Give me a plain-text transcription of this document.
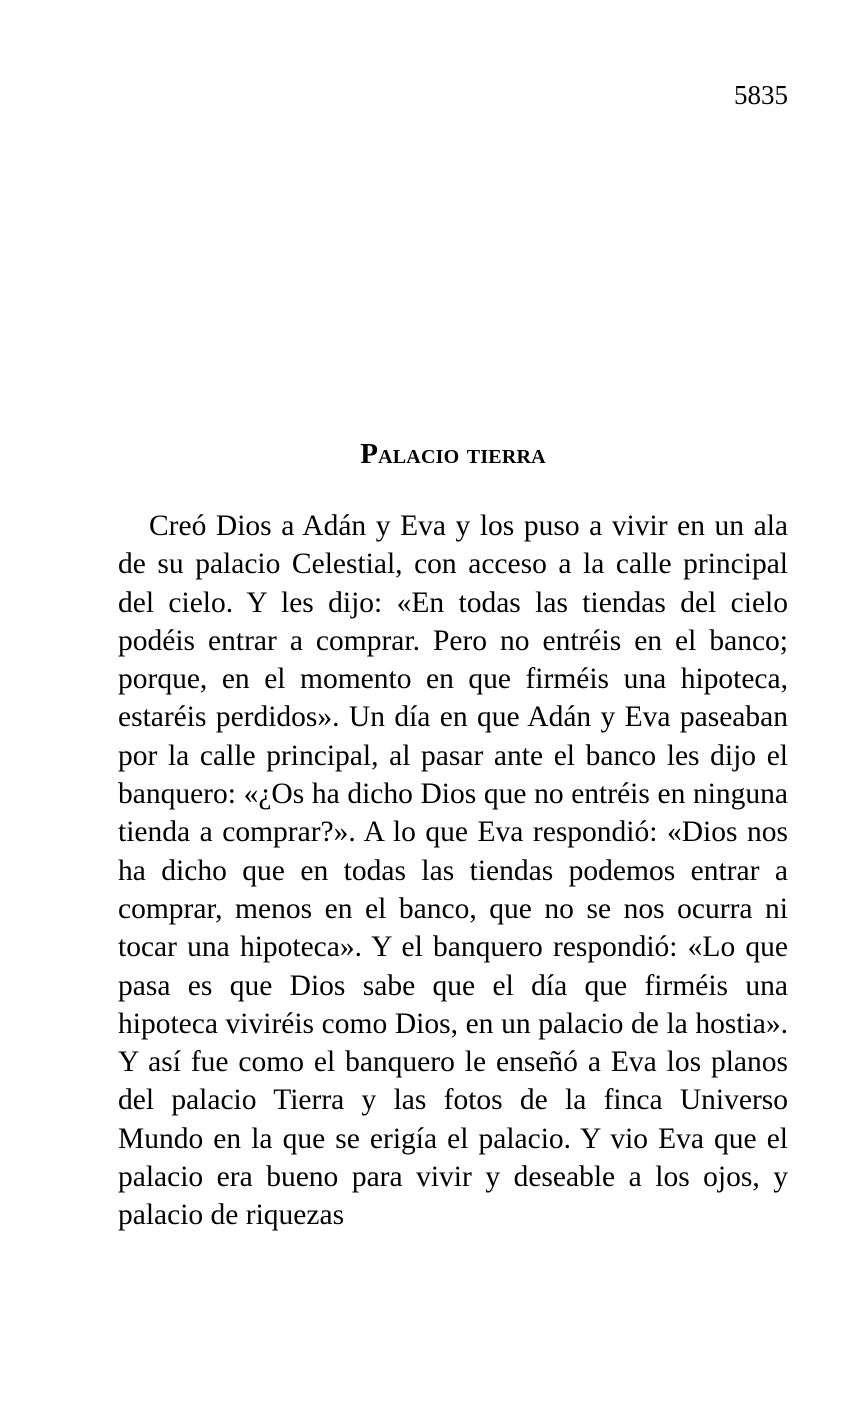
5835
Palacio tierra

Creó Dios a Adán y Eva y los puso a vivir en un ala de su palacio Celestial, con acceso a la calle principal del cielo. Y les dijo: «En todas las tiendas del cielo podéis entrar a comprar. Pero no entréis en el banco; porque, en el momento en que firméis una hipoteca, estaréis perdidos». Un día en que Adán y Eva paseaban por la calle principal, al pasar ante el banco les dijo el banquero: «¿Os ha dicho Dios que no entréis en ninguna tienda a comprar?». A lo que Eva respondió: «Dios nos ha dicho que en todas las tiendas podemos entrar a comprar, menos en el banco, que no se nos ocurra ni tocar una hipoteca». Y el banquero respondió: «Lo que pasa es que Dios sabe que el día que firméis una hipoteca viviréis como Dios, en un palacio de la hostia». Y así fue como el banquero le enseñó a Eva los planos del palacio Tierra y las fotos de la finca Universo Mundo en la que se erigía el palacio. Y vio Eva que el palacio era bueno para vivir y deseable a los ojos, y palacio de riquezas
